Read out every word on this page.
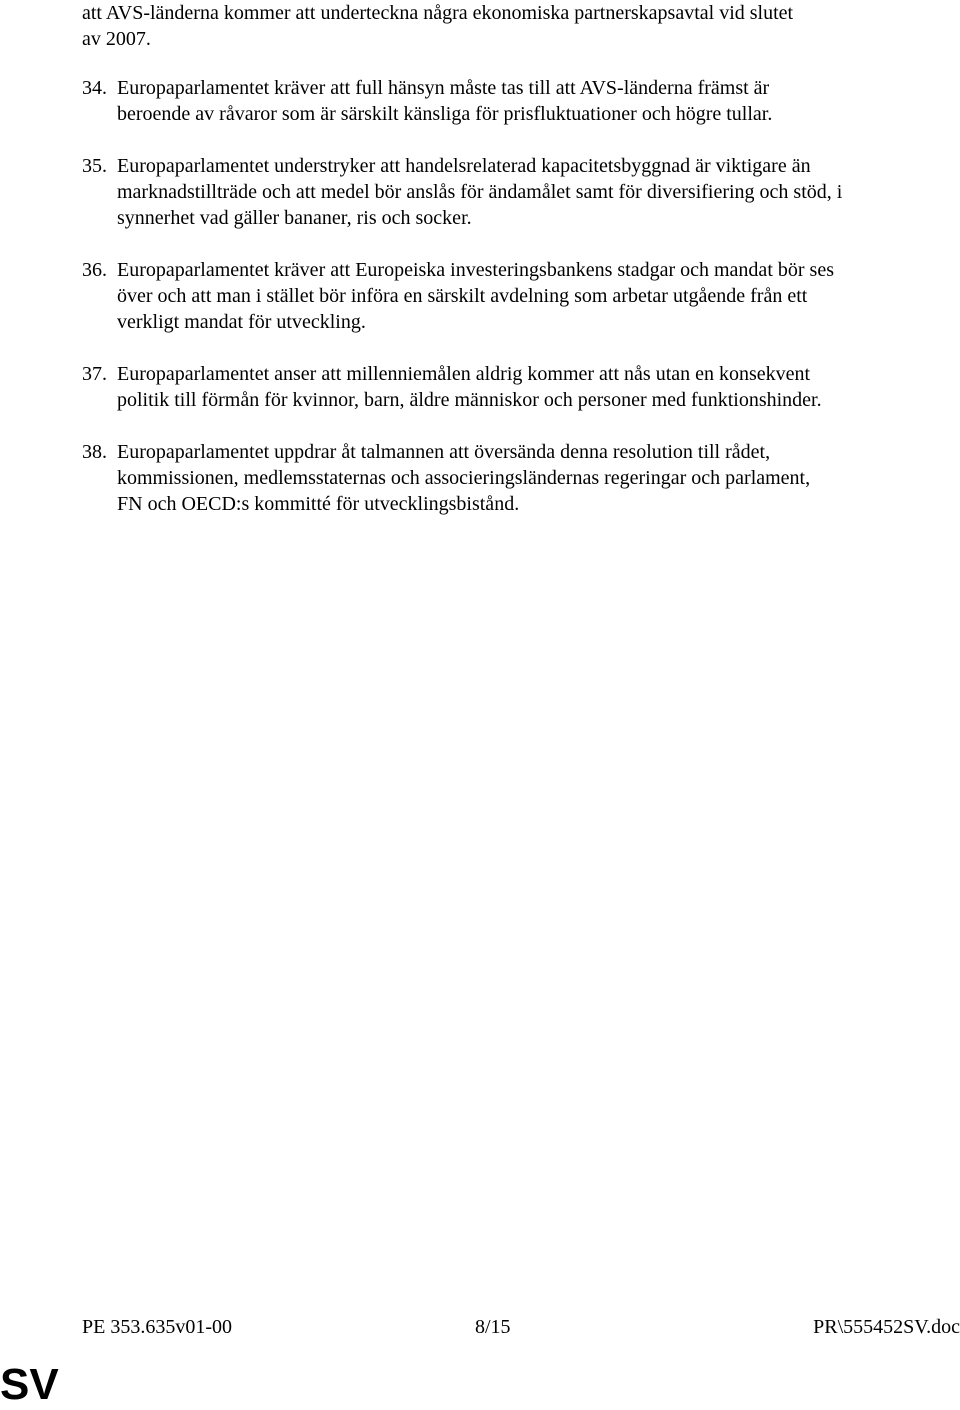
att AVS-länderna kommer att underteckna några ekonomiska partnerskapsavtal vid slutet
av 2007.
34. Europaparlamentet kräver att full hänsyn måste tas till att AVS-länderna främst är
beroende av råvaror som är särskilt känsliga för prisfluktuationer och högre tullar.
35. Europaparlamentet understryker att handelsrelaterad kapacitetsbyggnad är viktigare än
marknadstillträde och att medel bör anslås för ändamålet samt för diversifiering och stöd, i
synnerhet vad gäller bananer, ris och socker.
36. Europaparlamentet kräver att Europeiska investeringsbankens stadgar och mandat bör ses
över och att man i stället bör införa en särskilt avdelning som arbetar utgående från ett
verkligt mandat för utveckling.
37. Europaparlamentet anser att millenniemålen aldrig kommer att nås utan en konsekvent
politik till förmån för kvinnor, barn, äldre människor och personer med funktionshinder.
38. Europaparlamentet uppdrar åt talmannen att översända denna resolution till rådet,
kommissionen, medlemsstaternas och associeringsländernas regeringar och parlament,
FN och OECD:s kommitté för utvecklingsbistånd.
PE 353.635v01-00	8/15	PR\555452SV.doc
SV
